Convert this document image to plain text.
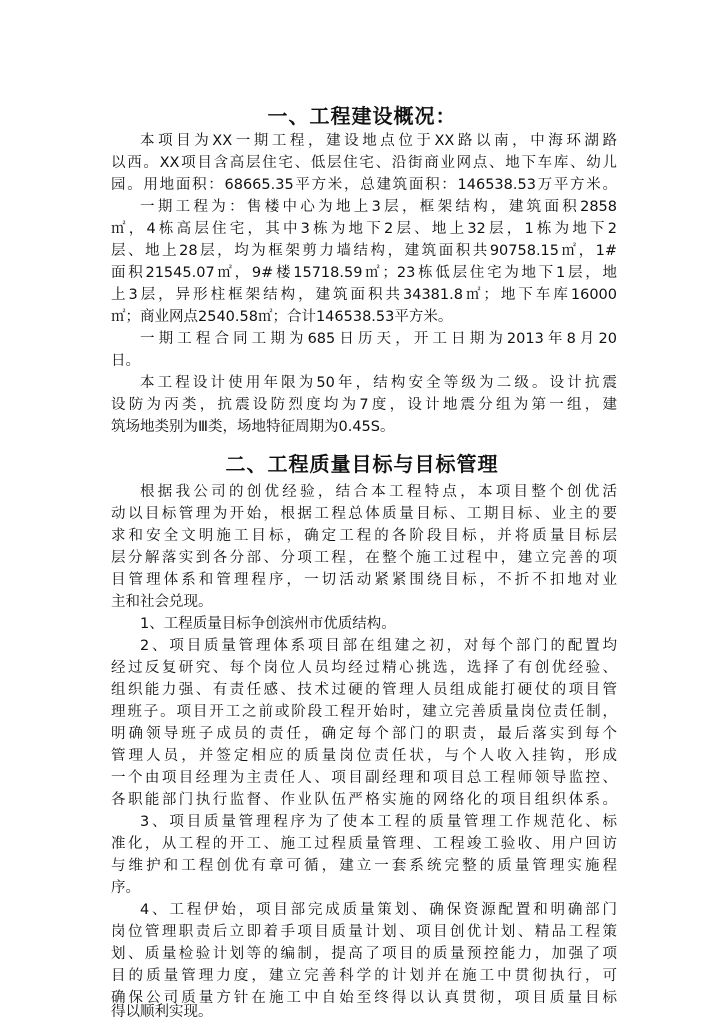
一、工程建设概况：
本项目为XX一期工程，建设地点位于XX路以南，中海环湖路
以西。XX项目含高层住宅、低层住宅、沿街商业网点、地下车库、幼儿
园。用地面积：68665.35平方米，总建筑面积：146538.53万平方米。
一期工程为：售楼中心为地上3层，框架结构，建筑面积2858
㎡，4栋高层住宅，其中3栋为地下2层、地上32层，1栋为地下2
层、地上28层，均为框架剪力墙结构，建筑面积共90758.15㎡，1#
面积21545.07㎡，9#楼15718.59㎡；23栋低层住宅为地下1层，地
上3层，异形柱框架结构，建筑面积共34381.8㎡；地下车库16000
㎡；商业网点2540.58㎡；合计146538.53平方米。
一期工程合同工期为685日历天，开工日期为2013年8月20
日。
本工程设计使用年限为50年，结构安全等级为二级。设计抗震
设防为丙类，抗震设防烈度均为7度，设计地震分组为第一组，建
筑场地类别为Ⅲ类，场地特征周期为0.45S。
二、工程质量目标与目标管理
根据我公司的创优经验，结合本工程特点，本项目整个创优活
动以目标管理为开始，根据工程总体质量目标、工期目标、业主的要
求和安全文明施工目标，确定工程的各阶段目标，并将质量目标层
层分解落实到各分部、分项工程，在整个施工过程中，建立完善的项
目管理体系和管理程序，一切活动紧紧围绕目标，不折不扣地对业
主和社会兑现。
1、工程质量目标争创滨州市优质结构。
2、项目质量管理体系项目部在组建之初，对每个部门的配置均
经过反复研究、每个岗位人员均经过精心挑选，选择了有创优经验、
组织能力强、有责任感、技术过硬的管理人员组成能打硬仗的项目管
理班子。项目开工之前或阶段工程开始时，建立完善质量岗位责任制，
明确领导班子成员的责任，确定每个部门的职责，最后落实到每个
管理人员，并签定相应的质量岗位责任状，与个人收入挂钩，形成
一个由项目经理为主责任人、项目副经理和项目总工程师领导监控、
各职能部门执行监督、作业队伍严格实施的网络化的项目组织体系。
3、项目质量管理程序为了使本工程的质量管理工作规范化、标
准化，从工程的开工、施工过程质量管理、工程竣工验收、用户回访
与维护和工程创优有章可循，建立一套系统完整的质量管理实施程
序。
4、工程伊始，项目部完成质量策划、确保资源配置和明确部门
岗位管理职责后立即着手项目质量计划、项目创优计划、精品工程策
划、质量检验计划等的编制，提高了项目的质量预控能力，加强了项
目的质量管理力度，建立完善科学的计划并在施工中贯彻执行，可
确保公司质量方针在施工中自始至终得以认真贯彻，项目质量目标
得以顺利实现。
